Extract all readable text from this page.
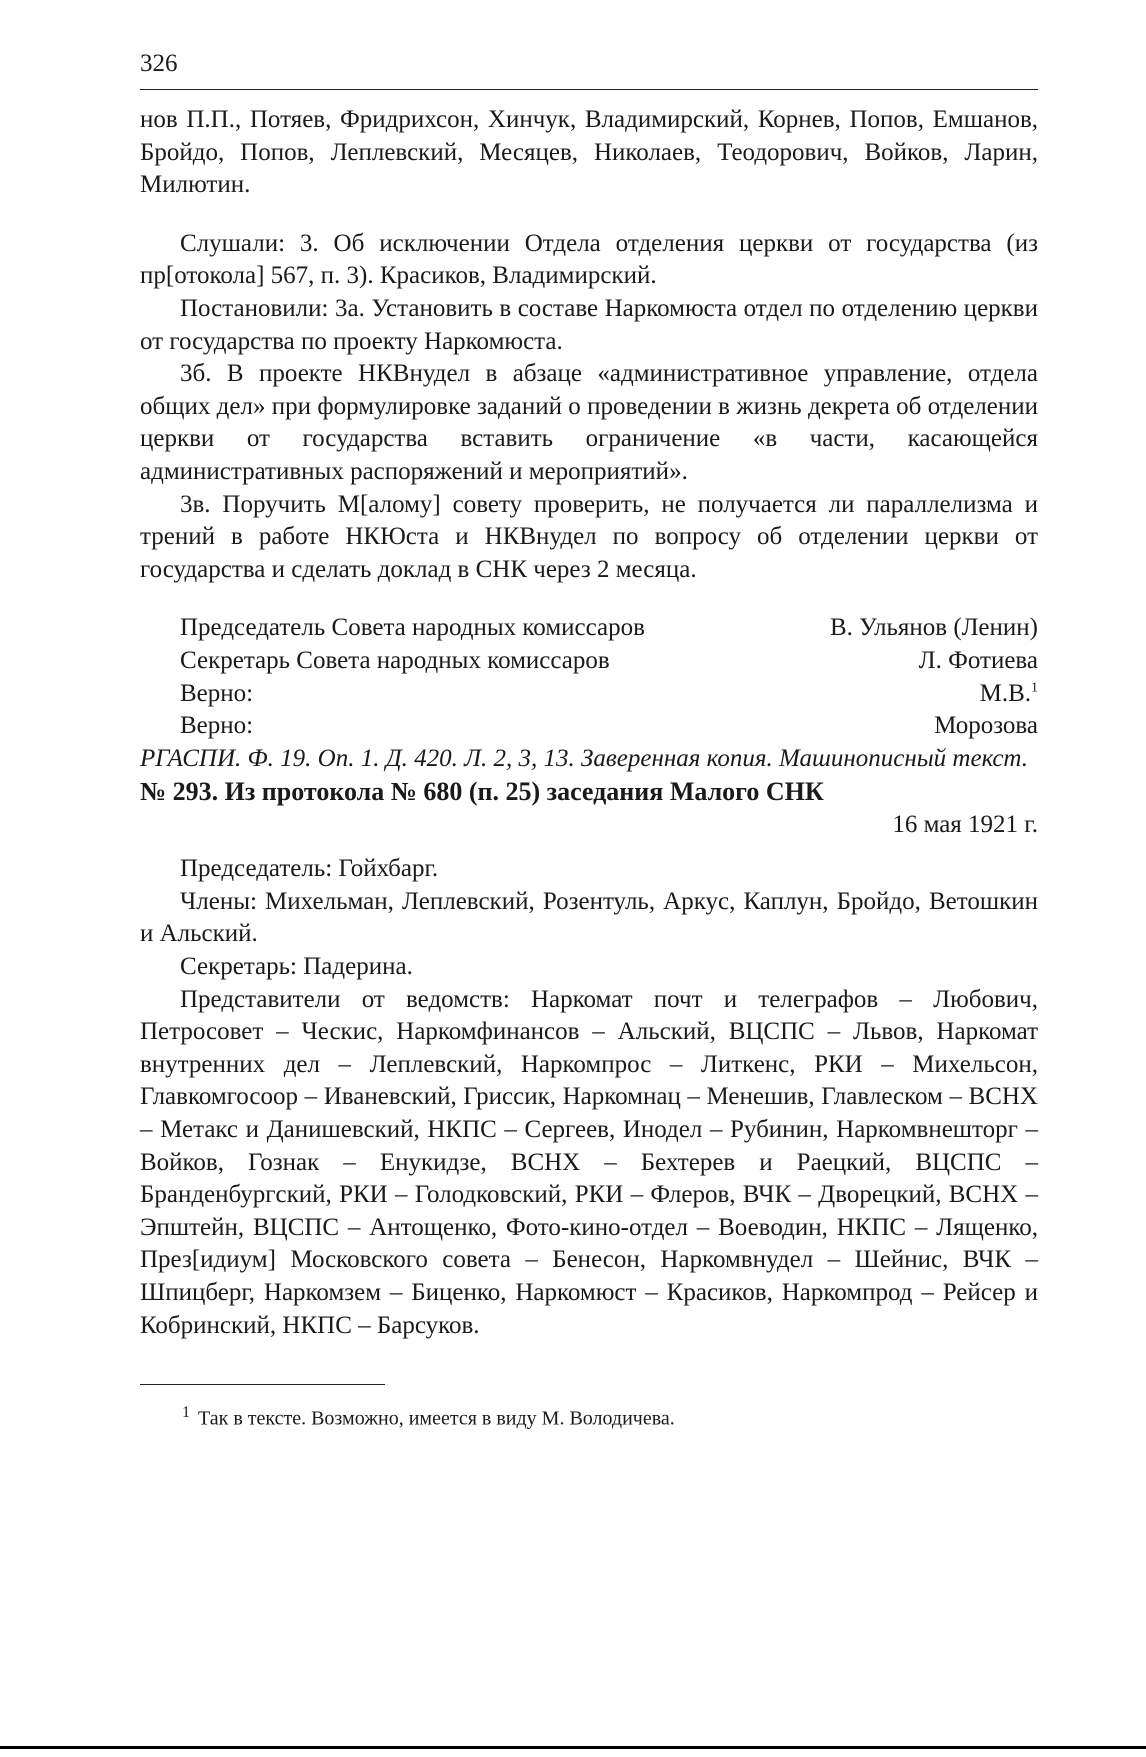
326

нов П.П., Потяев, Фридрихсон, Хинчук, Владимирский, Корнев, Попов, Емшанов, Бройдо, Попов, Леплевский, Месяцев, Николаев, Теодорович, Войков, Ларин, Милютин.

Слушали: 3. Об исключении Отдела отделения церкви от государства (из пр[отокола] 567, п. 3). Красиков, Владимирский.

Постановили: 3а. Установить в составе Наркомюста отдел по отделению церкви от государства по проекту Наркомюста.

3б. В проекте НКВнудел в абзаце «административное управление, отдела общих дел» при формулировке заданий о проведении в жизнь декрета об отделении церкви от государства вставить ограничение «в части, касающейся административных распоряжений и мероприятий».

3в. Поручить М[алому] совету проверить, не получается ли параллелизма и трений в работе НКЮста и НКВнудел по вопросу об отделении церкви от государства и сделать доклад в СНК через 2 месяца.

Председатель Совета народных комиссаров	В. Ульянов (Ленин)
Секретарь Совета народных комиссаров	Л. Фотиева
Верно:	М.В.$^1$
Верно:	Морозова

РГАСПИ. Ф. 19. Оп. 1. Д. 420. Л. 2, 3, 13. Заверенная копия. Машинописный текст.

№ 293. Из протокола № 680 (п. 25) заседания Малого СНК

16 мая 1921 г.

Председатель: Гойхбарг.

Члены: Михельман, Леплевский, Розентуль, Аркус, Каплун, Бройдо, Ветошкин и Альский.

Секретарь: Падерина.

Представители от ведомств: Наркомат почт и телеграфов – Любович, Петросовет – Ческис, Наркомфинансов – Альский, ВЦСПС – Львов, Наркомат внутренних дел – Леплевский, Наркомпрос – Литкенс, РКИ – Михельсон, Главкомгосоор – Иваневский, Гриссик, Наркомнац – Менешив, Главлеском – ВСНХ – Метакс и Данишевский, НКПС – Сергеев, Инодел – Рубинин, Наркомвнешторг – Войков, Гознак – Енукидзе, ВСНХ – Бехтерев и Раецкий, ВЦСПС – Бранденбургский, РКИ – Голодковский, РКИ – Флеров, ВЧК – Дворецкий, ВСНХ – Эпштейн, ВЦСПС – Антощенко, Фото-кино-отдел – Воеводин, НКПС – Лященко, През[идиум] Московского совета – Бенесон, Наркомвнудел – Шейнис, ВЧК – Шпицберг, Наркомзем – Биценко, Наркомюст – Красиков, Наркомпрод – Рейсер и Кобринский, НКПС – Барсуков.

$^1$ Так в тексте. Возможно, имеется в виду М. Володичева.
